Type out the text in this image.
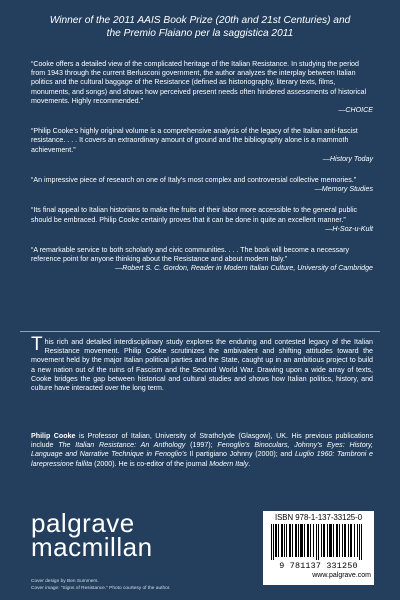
Winner of the 2011 AAIS Book Prize (20th and 21st Centuries) and
the Premio Flaiano per la saggistica 2011
“Cooke offers a detailed view of the complicated heritage of the Italian Resistance. In studying the period from 1943 through the current Berlusconi government, the author analyzes the interplay between Italian politics and the cultural baggage of the Resistance (defined as historiography, literary texts, films, monuments, and songs) and shows how perceived present needs often hindered assessments of historical movements. Highly recommended.”
—CHOICE
“Philip Cooke’s highly original volume is a comprehensive analysis of the legacy of the Italian anti-fascist resistance. . . . It covers an extraordinary amount of ground and the bibliography alone is a mammoth achievement.”
—History Today
“An impressive piece of research on one of Italy’s most complex and controversial collective memories.”
—Memory Studies
“Its final appeal to Italian historians to make the fruits of their labor more accessible to the general public should be embraced. Philip Cooke certainly proves that it can be done in quite an excellent manner.”
—H-Soz-u-Kult
“A remarkable service to both scholarly and civic communities. . . . The book will become a necessary reference point for anyone thinking about the Resistance and about modern Italy.”
—Robert S. C. Gordon, Reader in Modern Italian Culture, University of Cambridge
This rich and detailed interdisciplinary study explores the enduring and contested legacy of the Italian Resistance movement. Philip Cooke scrutinizes the ambivalent and shifting attitudes toward the movement held by the major Italian political parties and the State, caught up in an ambitious project to build a new nation out of the ruins of Fascism and the Second World War. Drawing upon a wide array of texts, Cooke bridges the gap between historical and cultural studies and shows how Italian politics, history, and culture have interacted over the long term.
Philip Cooke is Professor of Italian, University of Strathclyde (Glasgow), UK. His previous publications include The Italian Resistance: An Anthology (1997); Fenoglio’s Binoculars, Johnny’s Eyes: History, Language and Narrative Technique in Fenoglio’s Il partigiano Johnny (2000); and Luglio 1960: Tambroni e larepressione fallita (2000). He is co-editor of the journal Modern Italy.
palgrave
macmillan
Cover design by Ben Summers.
Cover image: “Signs of Resistance.” Photo courtesy of the author.
ISBN 978-1-137-33125-0
9 781137 331250
www.palgrave.com
